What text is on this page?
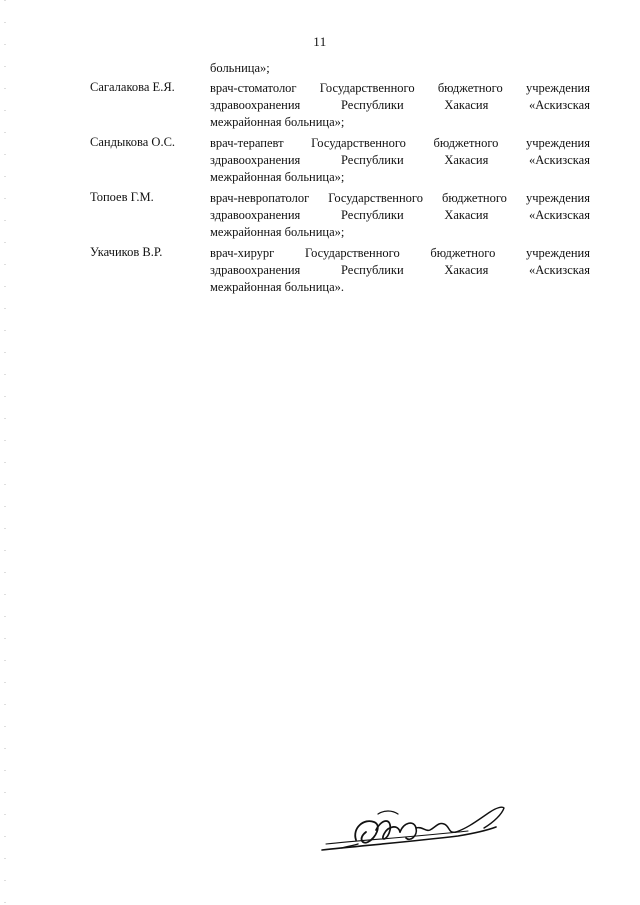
11
больница»;
Сагалакова Е.Я.	врач-стоматолог Государственного бюджетного учреждения
здравоохранения	Республики	Хакасия	«Аскизская
межрайонная больница»;
Сандыкова О.С.	врач-терапевт Государственного бюджетного учреждения
здравоохранения	Республики	Хакасия	«Аскизская
межрайонная больница»;
Топоев Г.М.	врач-невропатолог Государственного бюджетного учреждения
здравоохранения	Республики	Хакасия	«Аскизская
межрайонная больница»;
Укачиков В.Р.	врач-хирург Государственного бюджетного учреждения
здравоохранения	Республики	Хакасия	«Аскизская
межрайонная больница».
